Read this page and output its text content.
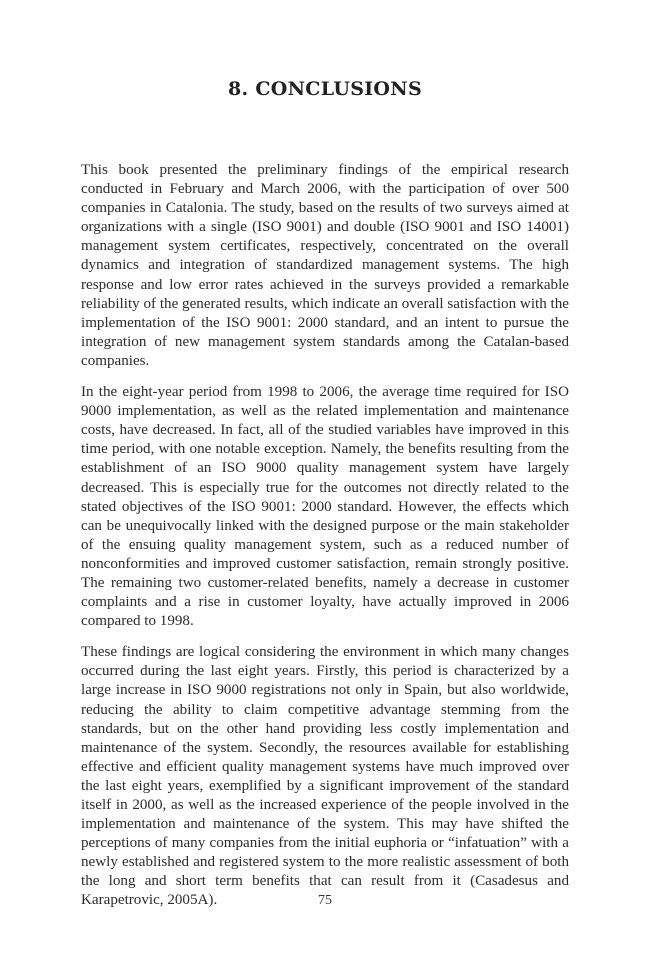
8. CONCLUSIONS

This book presented the preliminary findings of the empirical research conducted in February and March 2006, with the participation of over 500 companies in Catalonia. The study, based on the results of two surveys aimed at organizations with a single (ISO 9001) and double (ISO 9001 and ISO 14001) management system certificates, respectively, concentrated on the overall dynamics and integration of standardized management systems. The high response and low error rates achieved in the surveys provided a remarkable reliability of the generated results, which indicate an overall satisfaction with the implementation of the ISO 9001: 2000 standard, and an intent to pursue the integration of new management system standards among the Catalan-based companies.

In the eight-year period from 1998 to 2006, the average time required for ISO 9000 implementation, as well as the related implementation and maintenance costs, have decreased. In fact, all of the studied variables have improved in this time period, with one notable exception. Namely, the benefits resulting from the establishment of an ISO 9000 quality management system have largely decreased. This is especially true for the outcomes not directly related to the stated objectives of the ISO 9001: 2000 standard. However, the effects which can be unequivocally linked with the designed purpose or the main stakeholder of the ensuing quality management system, such as a reduced number of nonconformities and improved customer satisfaction, remain strongly positive. The remaining two customer-related benefits, namely a decrease in customer complaints and a rise in customer loyalty, have actually improved in 2006 compared to 1998.

These findings are logical considering the environment in which many changes occurred during the last eight years. Firstly, this period is characterized by a large increase in ISO 9000 registrations not only in Spain, but also worldwide, reducing the ability to claim competitive advantage stemming from the standards, but on the other hand providing less costly implementation and maintenance of the system. Secondly, the resources available for establishing effective and efficient quality management systems have much improved over the last eight years, exemplified by a significant improvement of the standard itself in 2000, as well as the increased experience of the people involved in the implementation and maintenance of the system. This may have shifted the perceptions of many companies from the initial euphoria or “infatuation” with a newly established and registered system to the more realistic assessment of both the long and short term benefits that can result from it (Casadesus and Karapetrovic, 2005A).	75
